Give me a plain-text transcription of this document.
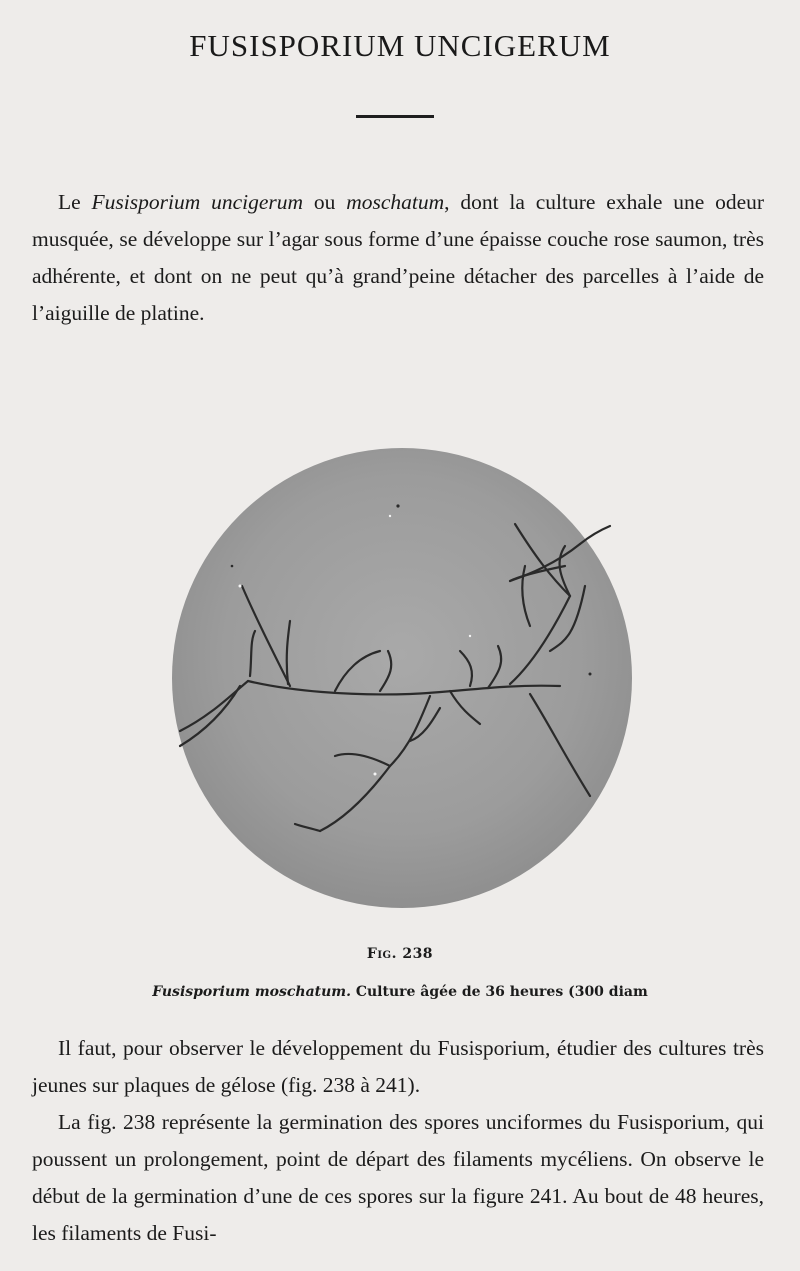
FUSISPORIUM UNCIGERUM

Le Fusisporium uncigerum ou moschatum, dont la culture exhale une odeur musquée, se développe sur l’agar sous forme d’une épaisse couche rose saumon, très adhérente, et dont on ne peut qu’à grand’peine détacher des parcelles à l’aide de l’aiguille de platine.

Fig. 238
Fusisporium moschatum. Culture âgée de 36 heures (300 diam

Il faut, pour observer le développement du Fusisporium, étudier des cultures très jeunes sur plaques de gélose (fig. 238 à 241).

La fig. 238 représente la germination des spores unciformes du Fusisporium, qui poussent un prolongement, point de départ des filaments mycéliens. On observe le début de la germination d’une de ces spores sur la figure 241. Au bout de 48 heures, les filaments de Fusi-
